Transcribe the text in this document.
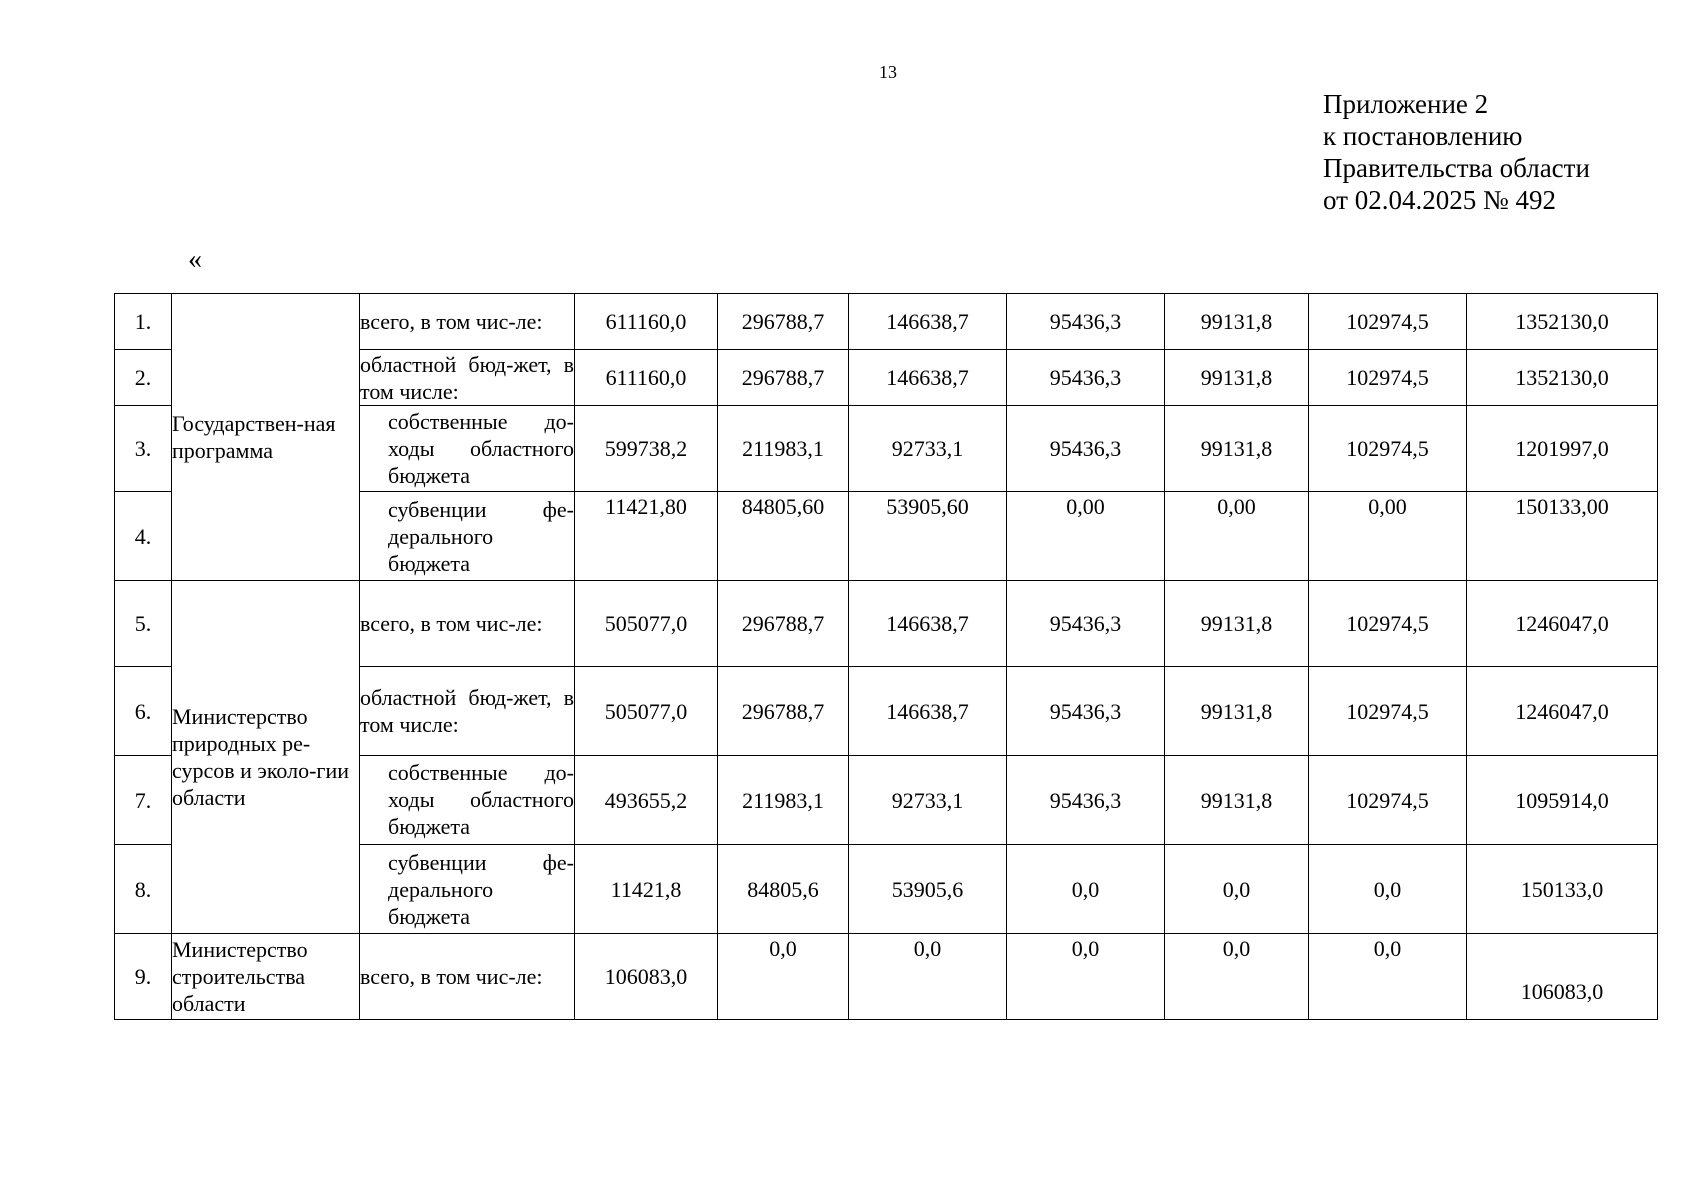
13
Приложение 2
к постановлению
Правительства области
от 02.04.2025 № 492
«
1.	Государствен-ная программа	всего, в том чис-ле:	611160,0	296788,7	146638,7	95436,3	99131,8	102974,5	1352130,0
2.		областной бюд-жет, в том числе:	611160,0	296788,7	146638,7	95436,3	99131,8	102974,5	1352130,0
3.		собственные до-ходы областного бюджета	599738,2	211983,1	92733,1	95436,3	99131,8	102974,5	1201997,0
4.		субвенции фе-дерального бюджета	11421,80	84805,60	53905,60	0,00	0,00	0,00	150133,00
5.	Министерство природных ре-сурсов и эколо-гии области	всего, в том чис-ле:	505077,0	296788,7	146638,7	95436,3	99131,8	102974,5	1246047,0
6.		областной бюд-жет, в том числе:	505077,0	296788,7	146638,7	95436,3	99131,8	102974,5	1246047,0
7.		собственные до-ходы областного бюджета	493655,2	211983,1	92733,1	95436,3	99131,8	102974,5	1095914,0
8.		субвенции фе-дерального бюджета	11421,8	84805,6	53905,6	0,0	0,0	0,0	150133,0
9.	Министерство строительства области	всего, в том чис-ле:	106083,0	0,0	0,0	0,0	0,0	0,0	106083,0
